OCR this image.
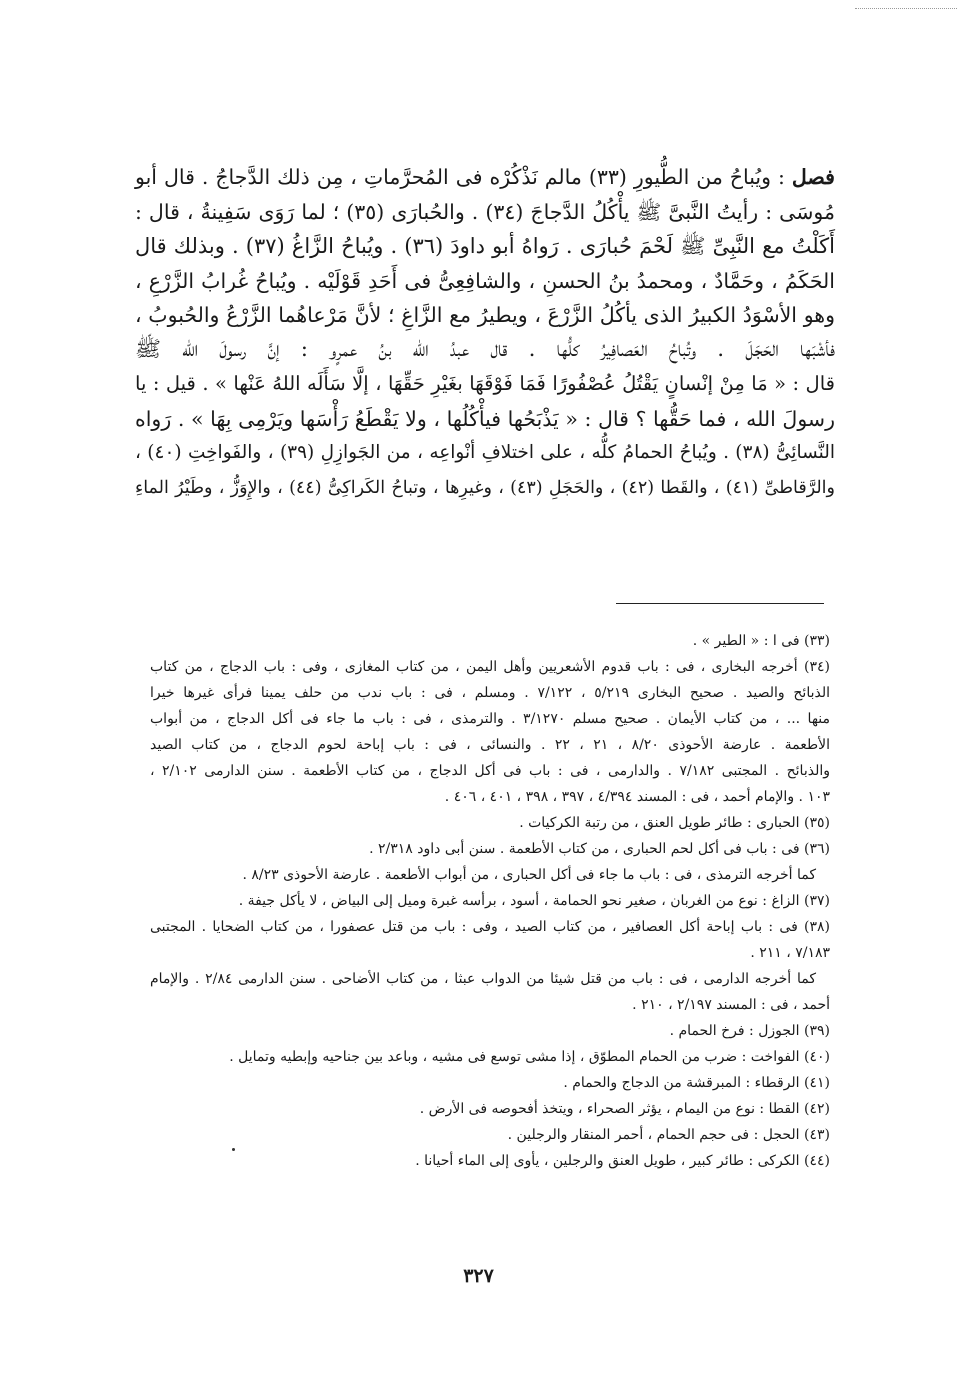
فصل : ويُباحُ من الطُّيورِ (٣٣) مالم نَذْكُرْه فى المُحرَّماتِ ، مِن ذلك الدَّجاجُ . قال أبو
مُوسَى : رأيتُ النَّبىَّ ﷺ يأْكُلُ الدَّجاجَ (٣٤) . والحُبارَى (٣٥) ؛ لما رَوَى سَفِينةُ ، قال :
أَكَلْتُ مع النَّبِىِّ ﷺ لَحْمَ حُبارَى . رَواهُ أبو داودَ (٣٦) . ويُباحُ الزَّاغُ (٣٧) . وبذلك قال
الحَكَمُ ، وحَمَّادٌ ، ومحمدُ بنُ الحسنِ ، والشافِعِىُّ فى أَحَدِ قَوْلَيْه . ويُباحُ غُرابُ الزَّرْعِ ،
وهو الأسْوَدُ الكبيرُ الذى يأكُلُ الزَّرْعَ ، ويطيرُ مع الزَّاغِ ؛ لأنَّ مَرْعاهُما الزَّرْعُ والحُبوبُ ،
فأشْبَها الحَجَلَ . وتُباحُ العَصافِيرُ كلُّها . قال عبدُ الله بنُ عمرٍو : إنَّ رسولَ الله ﷺ
قال : « مَا مِنْ إنْسانٍ يَقْتُلُ عُصْفُورًا فَمَا فَوْقَهَا بغَيْرِ حَقِّهَا ، إلَّا سَأَلَه اللهُ عَنْها » . قيل : يا
رسولَ الله ، فما حَقُّها ؟ قال : « يَذْبَحُها فيأْكُلُها ، ولا يَقْطَعُ رَأْسَها ويَرْمِى بِهَا » . رَواه
النَّسائِىُّ (٣٨) . ويُباحُ الحمامُ كلُّه ، على اختلافِ أنْواعِه ، من الجَوازِلِ (٣٩) ، والفَواخِتِ (٤٠) ،
والرَّقاطىِّ (٤١) ، والقَطا (٤٢) ، والحَجَلِ (٤٣) ، وغيرِها ، وتباحُ الكَراكِىُّ (٤٤) ، والإِوَزُّ ، وطَيْرُ الماءِ
(٣٣) فى ا : « الطير » .
(٣٤) أخرجه البخارى ، فى : باب قدوم الأشعريين وأهل اليمن ، من كتاب المغازى ، وفى : باب الدجاج ، من كتاب
الذبائح والصيد . صحيح البخارى ٥/٢١٩ ، ٧/١٢٢ . ومسلم ، فى : باب ندب من حلف يمينا فرأى غيرها خيرا
منها ... ، من كتاب الأيمان . صحيح مسلم ٣/١٢٧٠ . والترمذى ، فى : باب ما جاء فى أكل الدجاج ، من أبواب
الأطعمة . عارضة الأحوذى ٨/٢٠ ، ٢١ ، ٢٢ . والنسائى ، فى : باب إباحة لحوم الدجاج ، من كتاب الصيد
والذبائح . المجتبى ٧/١٨٢ . والدارمى ، فى : باب فى أكل الدجاج ، من كتاب الأطعمة . سنن الدارمى ٢/١٠٢ ،
١٠٣ . والإمام أحمد ، فى : المسند ٤/٣٩٤ ، ٣٩٧ ، ٣٩٨ ، ٤٠١ ، ٤٠٦ .
(٣٥) الحبارى : طائر طويل العنق ، من رتبة الكركيات .
(٣٦) فى : باب فى أكل لحم الحبارى ، من كتاب الأطعمة . سنن أبى داود ٢/٣١٨ .
كما أخرجه الترمذى ، فى : باب ما جاء فى أكل الحبارى ، من أبواب الأطعمة . عارضة الأحوذى ٨/٢٣ .
(٣٧) الزاغ : نوع من الغربان ، صغير نحو الحمامة ، أسود ، برأسه غبرة وميل إلى البياض ، لا يأكل جيفة .
(٣٨) فى : باب إباحة أكل العصافير ، من كتاب الصيد ، وفى : باب من قتل عصفورا ، من كتاب الضحايا . المجتبى
٧/١٨٣ ، ٢١١ .
كما أخرجه الدارمى ، فى : باب من قتل شيئا من الدواب عبثا ، من كتاب الأضاحى . سنن الدارمى ٢/٨٤ . والإمام
أحمد ، فى : المسند ٢/١٩٧ ، ٢١٠ .
(٣٩) الجوزل : فرخ الحمام .
(٤٠) الفواخت : ضرب من الحمام المطوّق ، إذا مشى توسع فى مشيه ، وباعد بين جناحيه وإبطيه وتمايل .
(٤١) الرقطاء : المبرقشة من الدجاج والحمام .
(٤٢) القطا : نوع من اليمام ، يؤثر الصحراء ، ويتخذ أفحوصه فى الأرض .
(٤٣) الحجل : فى حجم الحمام ، أحمر المنقار والرجلين .
(٤٤) الكركى : طائر كبير ، طويل العنق والرجلين ، يأوى إلى الماء أحيانا .
٣٢٧
